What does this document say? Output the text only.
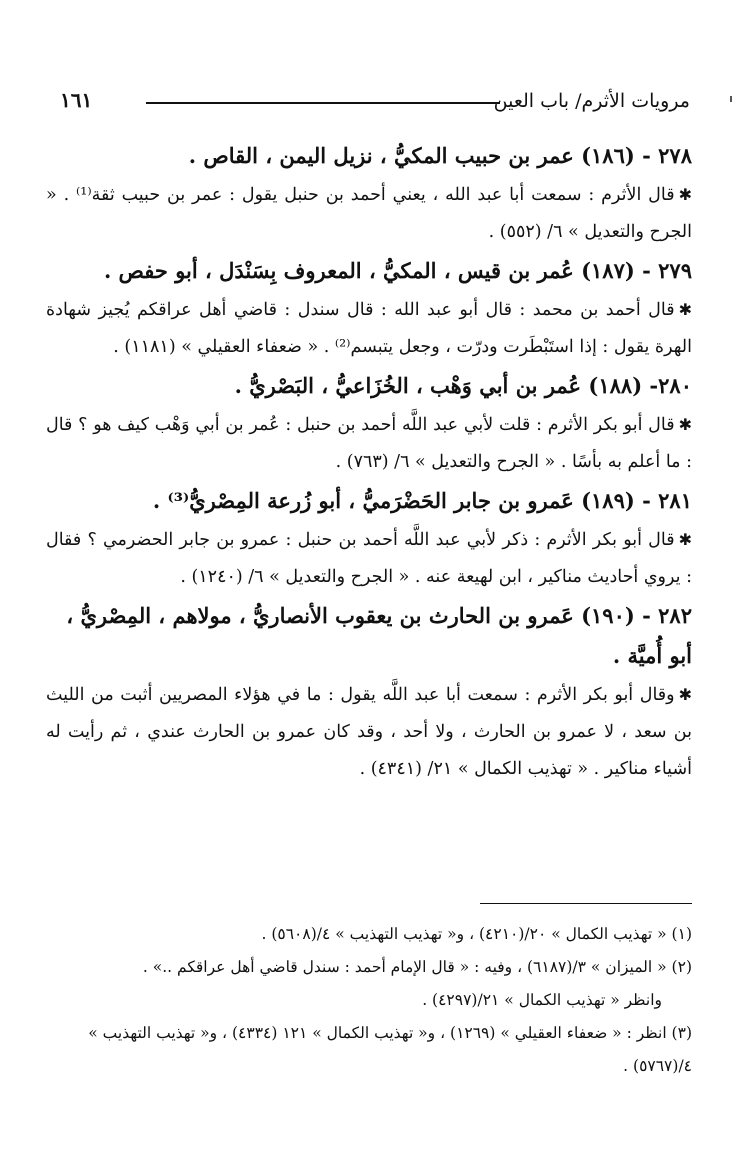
مرويات الأثرم/ باب العين
١٦١

٢٧٨ - (١٨٦) عمر بن حبيب المكيُّ ، نزيل اليمن ، القاص .

✱قال الأثرم : سمعت أبا عبد الله ، يعني أحمد بن حنبل يقول : عمر بن حبيب ثقة⁽¹⁾ . « الجرح والتعديل » ٦/ (٥٥٢) .

٢٧٩ - (١٨٧) عُمر بن قيس ، المكيُّ ، المعروف بِسَنْدَل ، أبو حفص .

✱قال أحمد بن محمد : قال أبو عبد الله : قال سندل : قاضي أهل عراقكم يُجيز شهادة الهرة يقول : إذا استَبْطَرت ودرّت ، وجعل يتبسم⁽²⁾ . « ضعفاء العقيلي » (١١٨١) .

٢٨٠- (١٨٨) عُمر بن أبي وَهْب ، الخُزَاعيُّ ، البَصْريُّ .

✱قال أبو بكر الأثرم : قلت لأبي عبد اللَّه أحمد بن حنبل : عُمر بن أبي وَهْب كيف هو ؟ قال : ما أعلم به بأسًا . « الجرح والتعديل » ٦/ (٧٦٣) .

٢٨١ - (١٨٩) عَمرو بن جابر الحَضْرَميُّ ، أبو زُرعة المِصْريُّ⁽³⁾ .

✱قال أبو بكر الأثرم : ذكر لأبي عبد اللَّه أحمد بن حنبل : عمرو بن جابر الحضرمي ؟ فقال : يروي أحاديث مناكير ، ابن لهيعة عنه . « الجرح والتعديل » ٦/ (١٢٤٠) .

٢٨٢ - (١٩٠) عَمرو بن الحارث بن يعقوب الأنصاريُّ ، مولاهم ، المِصْريُّ ، أبو أُميَّة .

✱وقال أبو بكر الأثرم : سمعت أبا عبد اللَّه يقول : ما في هؤلاء المصريين أثبت من الليث بن سعد ، لا عمرو بن الحارث ، ولا أحد ، وقد كان عمرو بن الحارث عندي ، ثم رأيت له أشياء مناكير . « تهذيب الكمال » ٢١/ (٤٣٤١) .

(١) « تهذيب الكمال » ٢٠/(٤٢١٠) ، و« تهذيب التهذيب » ٤/(٥٦٠٨) .

(٢) « الميزان » ٣/(٦١٨٧) ، وفيه : « قال الإمام أحمد : سندل قاضي أهل عراقكم ..» .

وانظر « تهذيب الكمال » ٢١/(٤٢٩٧) .

(٣) انظر : « ضعفاء العقيلي » (١٢٦٩) ، و« تهذيب الكمال » ١٢١ (٤٣٣٤) ، و« تهذيب التهذيب » ٤/(٥٧٦٧) .
